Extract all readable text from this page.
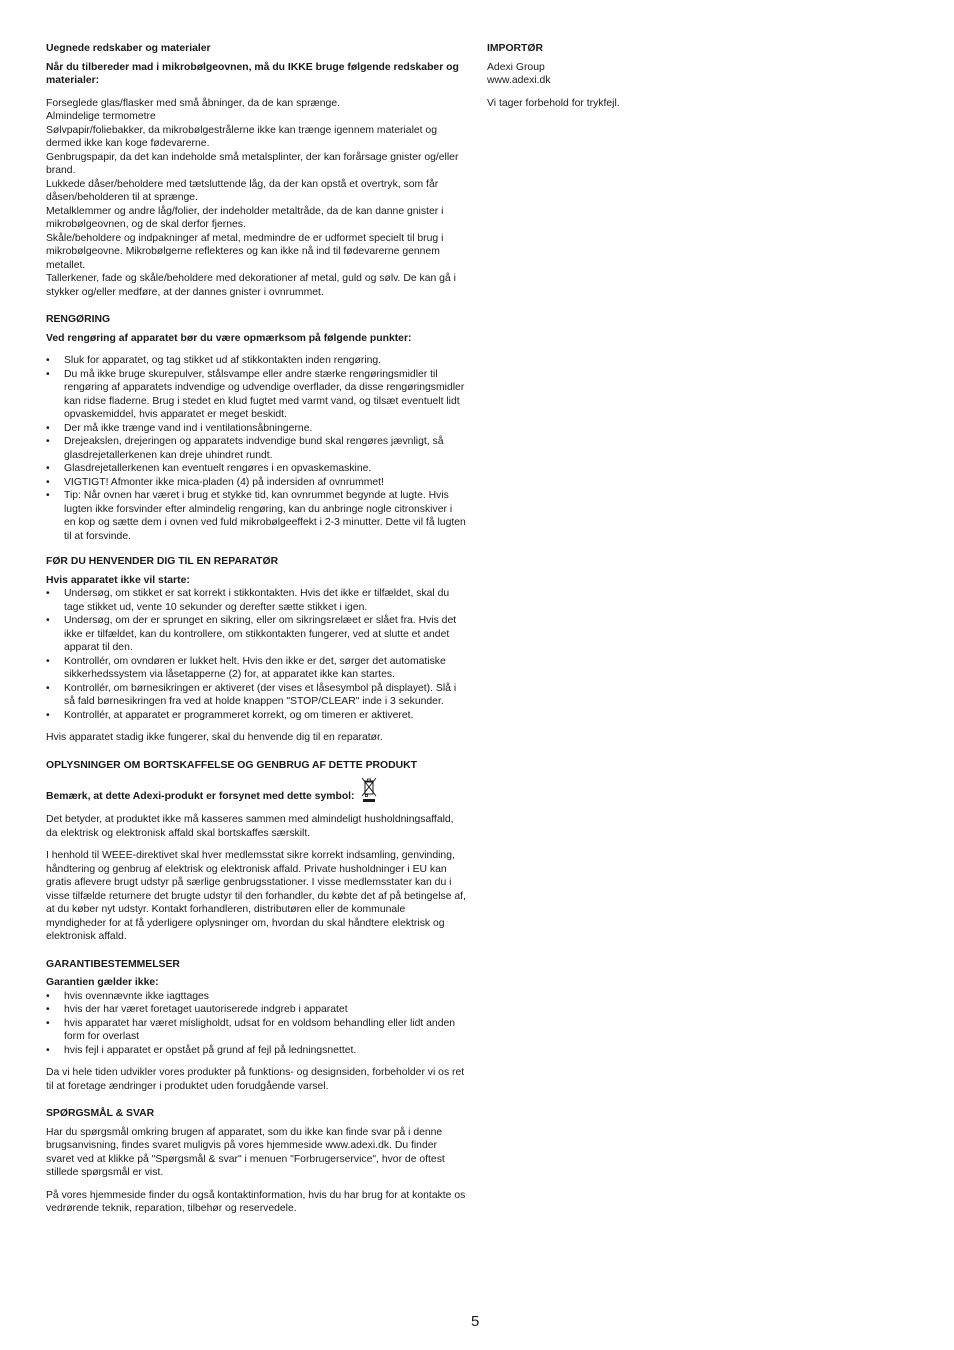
Uegnede redskaber og materialer

Når du tilbereder mad i mikrobølgeovnen, må du IKKE bruge følgende redskaber og materialer:

Forseglede glas/flasker med små åbninger, da de kan sprænge.

Almindelige termometre

Sølvpapir/foliebakker, da mikrobølgestrålerne ikke kan trænge igennem materialet og dermed ikke kan koge fødevarerne.

Genbrugspapir, da det kan indeholde små metalsplinter, der kan forårsage gnister og/eller brand.

Lukkede dåser/beholdere med tætsluttende låg, da der kan opstå et overtryk, som får dåsen/beholderen til at sprænge.

Metalklemmer og andre låg/folier, der indeholder metaltråde, da de kan danne gnister i mikrobølgeovnen, og de skal derfor fjernes.

Skåle/beholdere og indpakninger af metal, medmindre de er udformet specielt til brug i mikrobølgeovne. Mikrobølgerne reflekteres og kan ikke nå ind til fødevarerne gennem metallet.

Tallerkener, fade og skåle/beholdere med dekorationer af metal, guld og sølv. De kan gå i stykker og/eller medføre, at der dannes gnister i ovnrummet.

RENGØRING

Ved rengøring af apparatet bør du være opmærksom på følgende punkter:

• Sluk for apparatet, og tag stikket ud af stikkontakten inden rengøring.
• Du må ikke bruge skurepulver, stålsvampe eller andre stærke rengøringsmidler til rengøring af apparatets indvendige og udvendige overflader, da disse rengøringsmidler kan ridse fladerne. Brug i stedet en klud fugtet med varmt vand, og tilsæt eventuelt lidt opvaskemiddel, hvis apparatet er meget beskidt.
• Der må ikke trænge vand ind i ventilationsåbningerne.
• Drejeakslen, drejeringen og apparatets indvendige bund skal rengøres jævnligt, så glasdrejetallerkenen kan dreje uhindret rundt.
• Glasdrejetallerkenen kan eventuelt rengøres i en opvaskemaskine.
• VIGTIGT! Afmonter ikke mica-pladen (4) på indersiden af ovnrummet!
• Tip: Når ovnen har været i brug et stykke tid, kan ovnrummet begynde at lugte. Hvis lugten ikke forsvinder efter almindelig rengøring, kan du anbringe nogle citronskiver i en kop og sætte dem i ovnen ved fuld mikrobølgeeffekt i 2-3 minutter. Dette vil få lugten til at forsvinde.
FØR DU HENVENDER DIG TIL EN REPARATØR

Hvis apparatet ikke vil starte:

• Undersøg, om stikket er sat korrekt i stikkontakten. Hvis det ikke er tilfældet, skal du tage stikket ud, vente 10 sekunder og derefter sætte stikket i igen.
• Undersøg, om der er sprunget en sikring, eller om sikringsrelæet er slået fra. Hvis det ikke er tilfældet, kan du kontrollere, om stikkontakten fungerer, ved at slutte et andet apparat til den.
• Kontrollér, om ovndøren er lukket helt. Hvis den ikke er det, sørger det automatiske sikkerhedssystem via låsetapperne (2) for, at apparatet ikke kan startes.
• Kontrollér, om børnesikringen er aktiveret (der vises et låsesymbol på displayet). Slå i så fald børnesikringen fra ved at holde knappen "STOP/CLEAR" inde i 3 sekunder.
• Kontrollér, at apparatet er programmeret korrekt, og om timeren er aktiveret.

Hvis apparatet stadig ikke fungerer, skal du henvende dig til en reparatør.

OPLYSNINGER OM BORTSKAFFELSE OG GENBRUG AF DETTE PRODUKT
Bemærk, at dette Adexi-produkt er forsynet med dette symbol:

Det betyder, at produktet ikke må kasseres sammen med almindeligt husholdningsaffald, da elektrisk og elektronisk affald skal bortskaffes særskilt.

I henhold til WEEE-direktivet skal hver medlemsstat sikre korrekt indsamling, genvinding, håndtering og genbrug af elektrisk og elektronisk affald. Private husholdninger i EU kan gratis aflevere brugt udstyr på særlige genbrugsstationer. I visse medlemsstater kan du i visse tilfælde returnere det brugte udstyr til den forhandler, du købte det af på betingelse af, at du køber nyt udstyr. Kontakt forhandleren, distributøren eller de kommunale myndigheder for at få yderligere oplysninger om, hvordan du skal håndtere elektrisk og elektronisk affald.

GARANTIBESTEMMELSER

Garantien gælder ikke:

• hvis ovennævnte ikke iagttages
• hvis der har været foretaget uautoriserede indgreb i apparatet
• hvis apparatet har været misligholdt, udsat for en voldsom behandling eller lidt anden form for overlast
• hvis fejl i apparatet er opstået på grund af fejl på ledningsnettet.

Da vi hele tiden udvikler vores produkter på funktions- og designsiden, forbeholder vi os ret til at foretage ændringer i produktet uden forudgående varsel.

SPØRGSMÅL & SVAR

Har du spørgsmål omkring brugen af apparatet, som du ikke kan finde svar på i denne brugsanvisning, findes svaret muligvis på vores hjemmeside www.adexi.dk. Du finder svaret ved at klikke på "Spørgsmål & svar" i menuen "Forbrugerservice", hvor de oftest stillede spørgsmål er vist.

På vores hjemmeside finder du også kontaktinformation, hvis du har brug for at kontakte os vedrørende teknik, reparation, tilbehør og reservedele.

IMPORTØR

Adexi Group

www.adexi.dk

Vi tager forbehold for trykfejl.

5
